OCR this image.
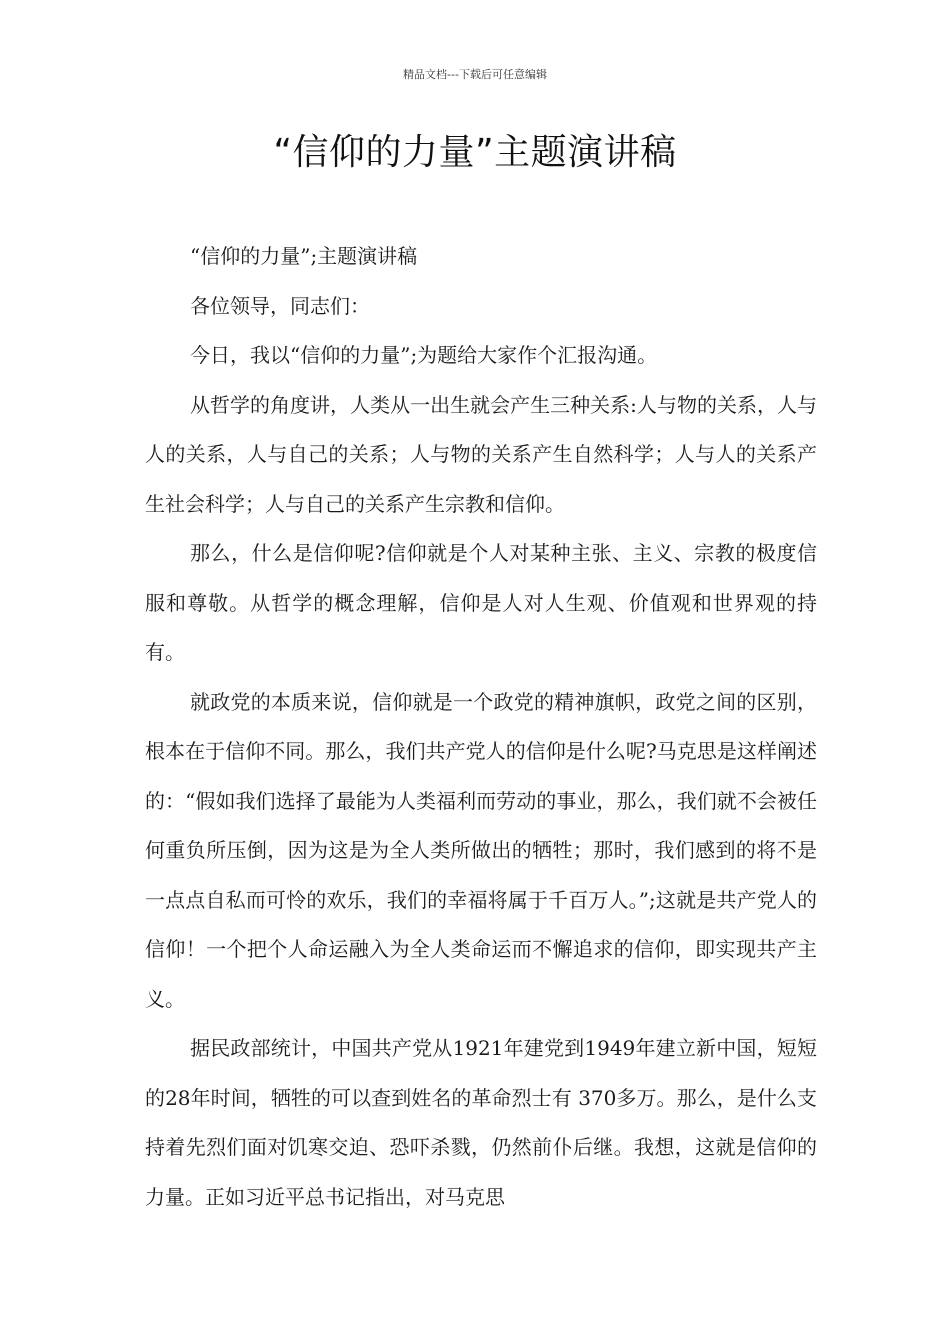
精品文档---下载后可任意编辑
“信仰的力量”主题演讲稿

“信仰的力量”;主题演讲稿

各位领导，同志们：

今日，我以“信仰的力量”;为题给大家作个汇报沟通。

从哲学的角度讲，人类从一出生就会产生三种关系:人与物的关系，人与人的关系，人与自己的关系；人与物的关系产生自然科学；人与人的关系产生社会科学；人与自己的关系产生宗教和信仰。

那么，什么是信仰呢?信仰就是个人对某种主张、主义、宗教的极度信服和尊敬。从哲学的概念理解，信仰是人对人生观、价值观和世界观的持有。

就政党的本质来说，信仰就是一个政党的精神旗帜，政党之间的区别，根本在于信仰不同。那么，我们共产党人的信仰是什么呢?马克思是这样阐述的：“假如我们选择了最能为人类福利而劳动的事业，那么，我们就不会被任何重负所压倒，因为这是为全人类所做出的牺牲；那时，我们感到的将不是一点点自私而可怜的欢乐，我们的幸福将属于千百万人。”;这就是共产党人的信仰！一个把个人命运融入为全人类命运而不懈追求的信仰，即实现共产主义。

据民政部统计，中国共产党从1921年建党到1949年建立新中国，短短的28年时间，牺牲的可以查到姓名的革命烈士有 370多万。那么，是什么支持着先烈们面对饥寒交迫、恐吓杀戮，仍然前仆后继。我想，这就是信仰的力量。正如习近平总书记指出，对马克思
